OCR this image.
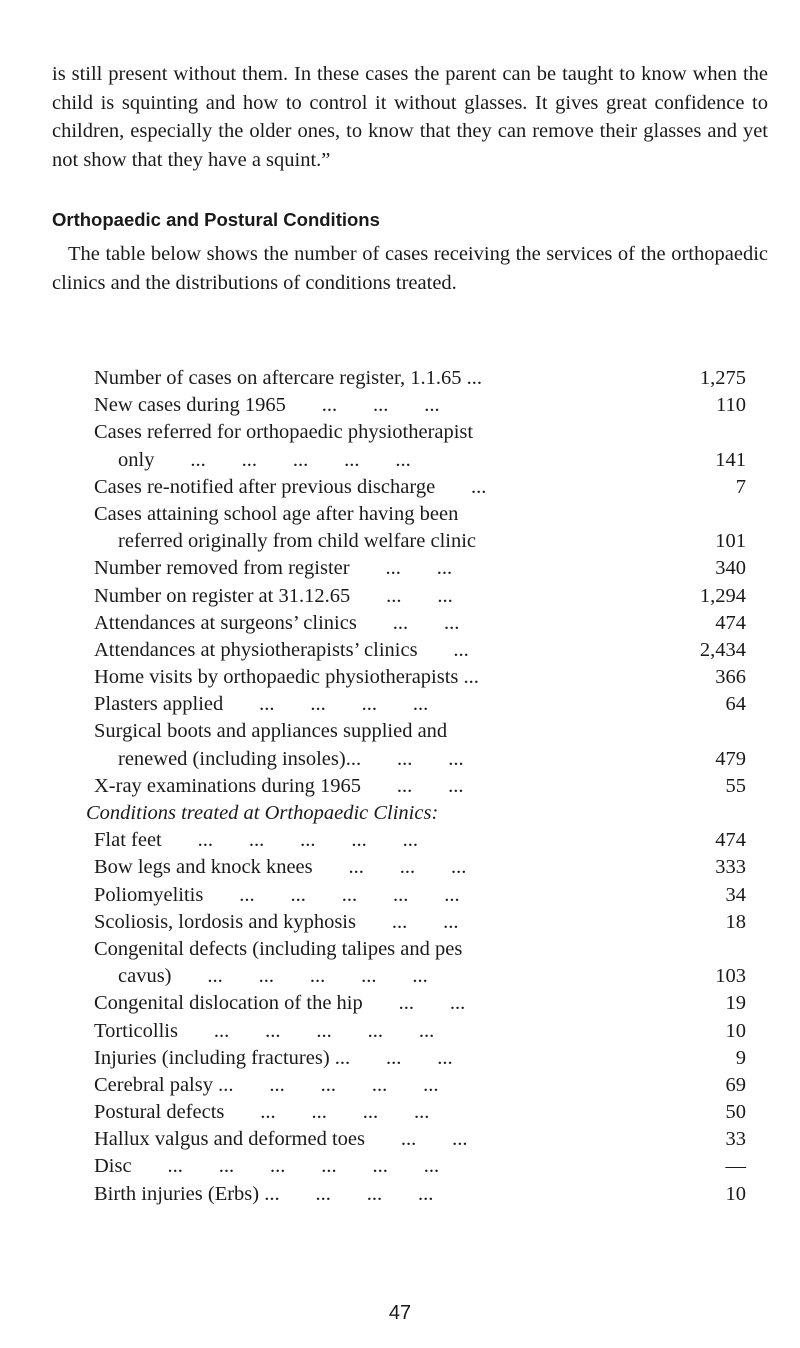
is still present without them. In these cases the parent can be taught to know when the child is squinting and how to control it without glasses. It gives great confidence to children, especially the older ones, to know that they can remove their glasses and yet not show that they have a squint.”

Orthopaedic and Postural Conditions

The table below shows the number of cases receiving the services of the orthopaedic clinics and the distributions of conditions treated.

Number of cases on aftercare register, 1.1.65 ...	1,275
New cases during 1965       ...       ...       ...	110
Cases referred for orthopaedic physiotherapist
only       ...       ...       ...       ...       ...	141
Cases re-notified after previous discharge       ...	7
Cases attaining school age after having been
referred originally from child welfare clinic	101
Number removed from register       ...       ...	340
Number on register at 31.12.65       ...       ...	1,294
Attendances at surgeons’ clinics       ...       ...	474
Attendances at physiotherapists’ clinics       ...	2,434
Home visits by orthopaedic physiotherapists ...	366
Plasters applied       ...       ...       ...       ...	64
Surgical boots and appliances supplied and
renewed (including insoles)...       ...       ...	479
X-ray examinations during 1965       ...       ...	55
Conditions treated at Orthopaedic Clinics:
Flat feet       ...       ...       ...       ...       ...	474
Bow legs and knock knees       ...       ...       ...	333
Poliomyelitis       ...       ...       ...       ...       ...	34
Scoliosis, lordosis and kyphosis       ...       ...	18
Congenital defects (including talipes and pes
cavus)       ...       ...       ...       ...       ...	103
Congenital dislocation of the hip       ...       ...	19
Torticollis       ...       ...       ...       ...       ...	10
Injuries (including fractures) ...       ...       ...	9
Cerebral palsy ...       ...       ...       ...       ...	69
Postural defects       ...       ...       ...       ...	50
Hallux valgus and deformed toes       ...       ...	33
Disc       ...       ...       ...       ...       ...       ...	—
Birth injuries (Erbs) ...       ...       ...       ...	10
47
